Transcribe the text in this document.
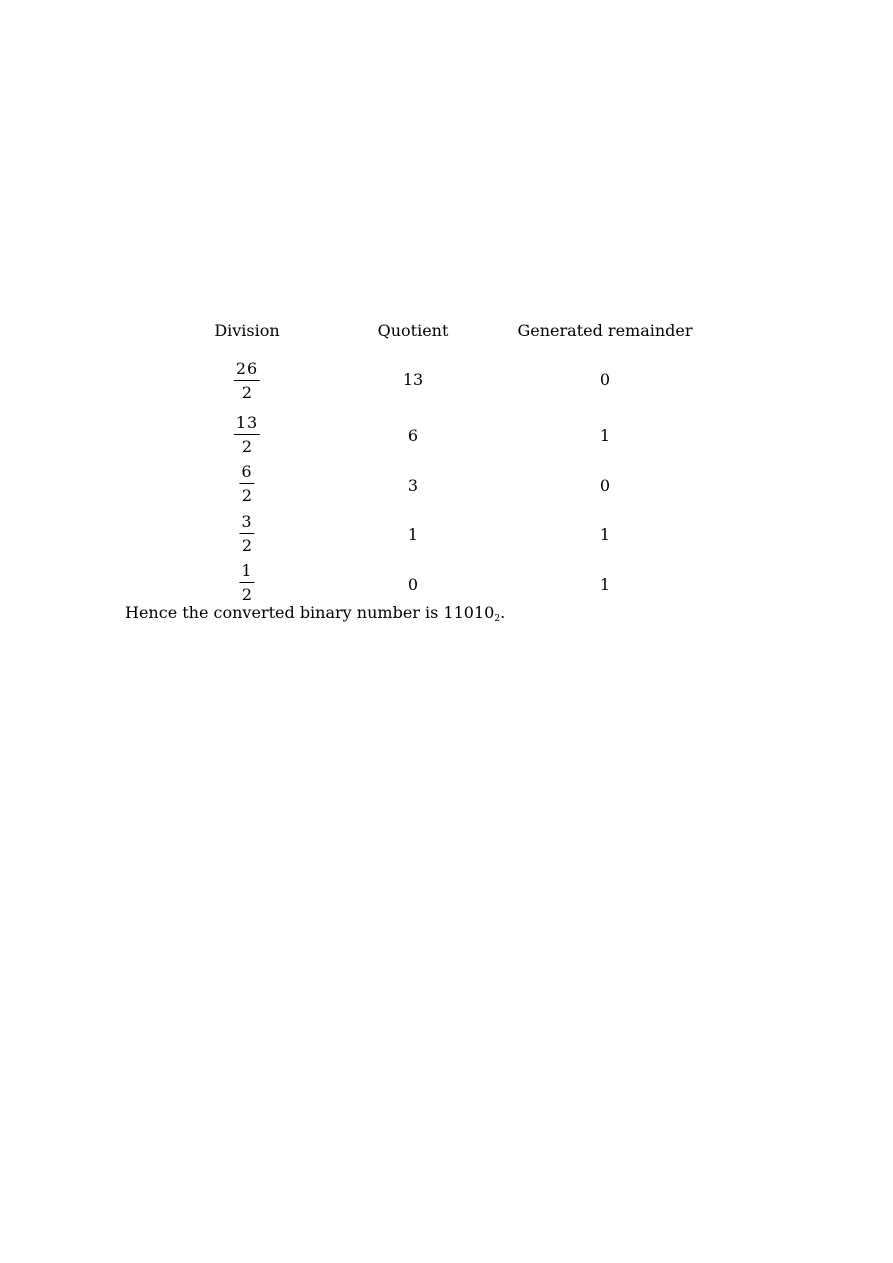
Division	Quotient	Generated remainder
$\frac{26}{2}$	13	0
$\frac{13}{2}$	6	1
$\frac{6}{2}$	3	0
$\frac{3}{2}$	1	1
$\frac{1}{2}$	0	1
Hence the converted binary number is $11010_2$.
